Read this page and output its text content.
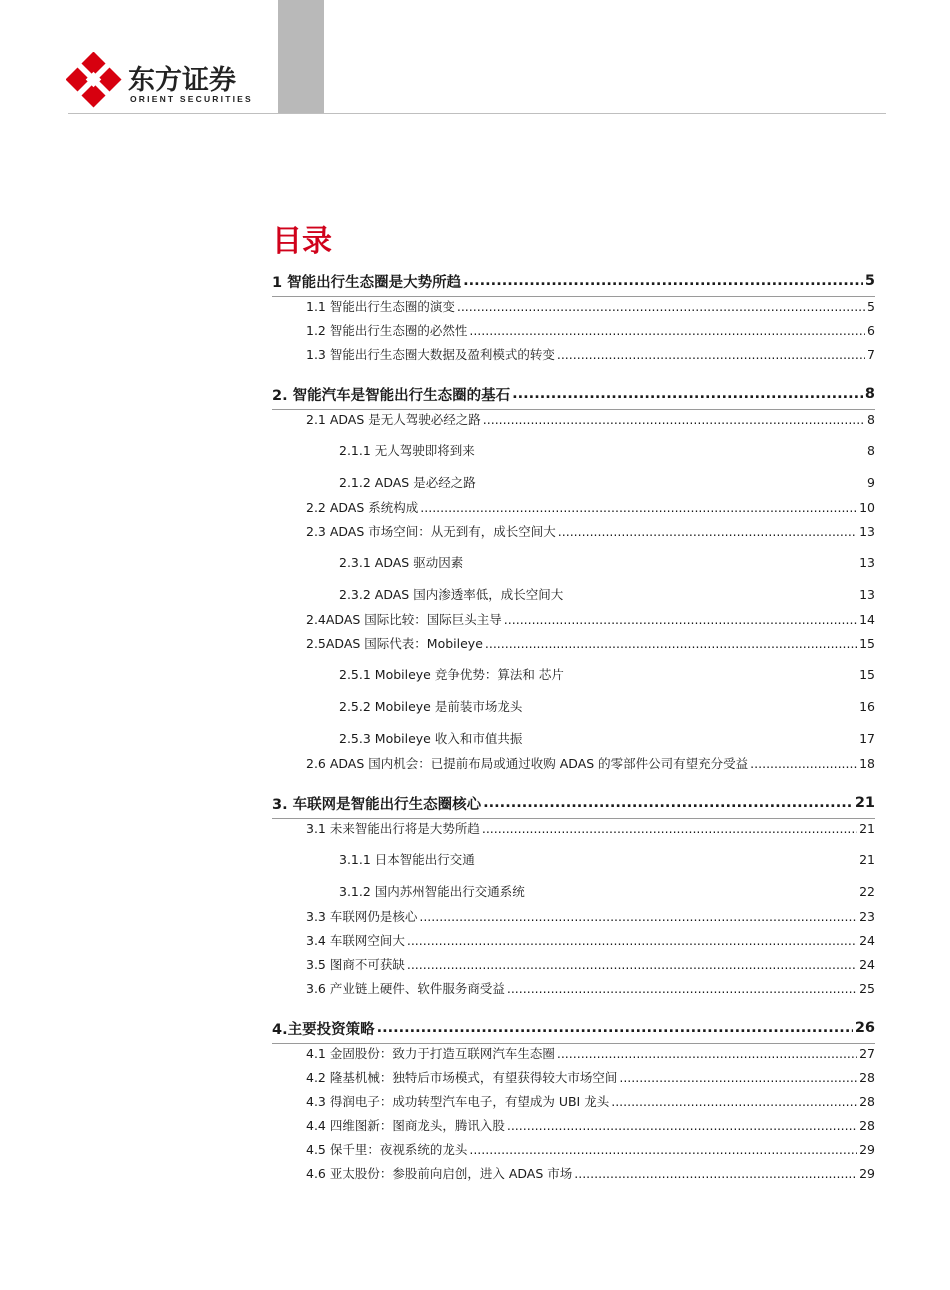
东方证券
ORIENT SECURITIES
目录
1 智能出行生态圈是大势所趋 .....	5
1.1 智能出行生态圈的演变 .....	5
1.2 智能出行生态圈的必然性 .....	6
1.3 智能出行生态圈大数据及盈利模式的转变 .....	7
2. 智能汽车是智能出行生态圈的基石 .....	8
2.1 ADAS 是无人驾驶必经之路 .....	8
2.1.1 无人驾驶即将到来	8
2.1.2 ADAS 是必经之路	9
2.2 ADAS 系统构成 .....	10
2.3 ADAS 市场空间：从无到有，成长空间大 .....	13
2.3.1 ADAS 驱动因素	13
2.3.2 ADAS 国内渗透率低，成长空间大	13
2.4ADAS 国际比较：国际巨头主导 .....	14
2.5ADAS 国际代表：Mobileye .....	15
2.5.1 Mobileye 竞争优势：算法和 芯片	15
2.5.2 Mobileye 是前装市场龙头	16
2.5.3 Mobileye 收入和市值共振	17
2.6 ADAS 国内机会：已提前布局或通过收购 ADAS 的零部件公司有望充分受益 .....	18
3. 车联网是智能出行生态圈核心 .....	21
3.1 未来智能出行将是大势所趋 .....	21
3.1.1 日本智能出行交通	21
3.1.2 国内苏州智能出行交通系统	22
3.3 车联网仍是核心 .....	23
3.4 车联网空间大 .....	24
3.5 图商不可获缺 .....	24
3.6 产业链上硬件、软件服务商受益 .....	25
4.主要投资策略 .....	26
4.1 金固股份：致力于打造互联网汽车生态圈 .....	27
4.2 隆基机械：独特后市场模式，有望获得较大市场空间 .....	28
4.3 得润电子：成功转型汽车电子，有望成为 UBI 龙头 .....	28
4.4 四维图新：图商龙头，腾讯入股 .....	28
4.5 保千里：夜视系统的龙头 .....	29
4.6 亚太股份：参股前向启创，进入 ADAS 市场 .....	29
